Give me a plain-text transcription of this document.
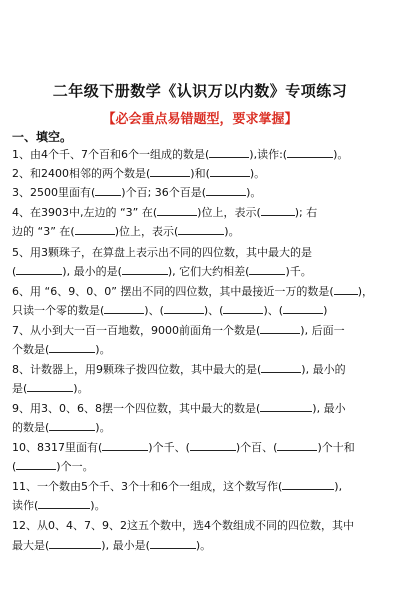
二年级下册数学《认识万以内数》专项练习
【必会重点易错题型，要求掌握】
一、填空。
1、由4个千、7个百和6个一组成的数是(	),读作:(	)。
2、和2400相邻的两个数是(	)和(	)。
3、2500里面有( )个百; 36个百是(	)。
4、在3903中,左边的 “3” 在(	)位上，表示(	); 右
边的 “3” 在(	)位上，表示(	)。
5、用3颗珠子，在算盘上表示出不同的四位数，其中最大的是
(	), 最小的是(	), 它们大约相差(	)千。
6、用 “6、9、0、0” 摆出不同的四位数，其中最接近一万的数是( )，
只读一个零的数是(	)、(	)、(	)、(	)
7、从小到大一百一百地数，9000前面角一个数是(	), 后面一
个数是(	)。
8、计数器上，用9颗珠子拨四位数，其中最大的是(	), 最小的
是(	)。
9、用3、0、6、8摆一个四位数，其中最大的数是(	), 最小
的数是(	)。
10、8317里面有(	)个千、(	)个百、(	)个十和
(	)个一。
11、一个数由5个千、3个十和6个一组成，这个数写作(	),
读作(	)。
12、从0、4、7、9、2这五个数中，选4个数组成不同的四位数，其中
最大是(	), 最小是(	)。
